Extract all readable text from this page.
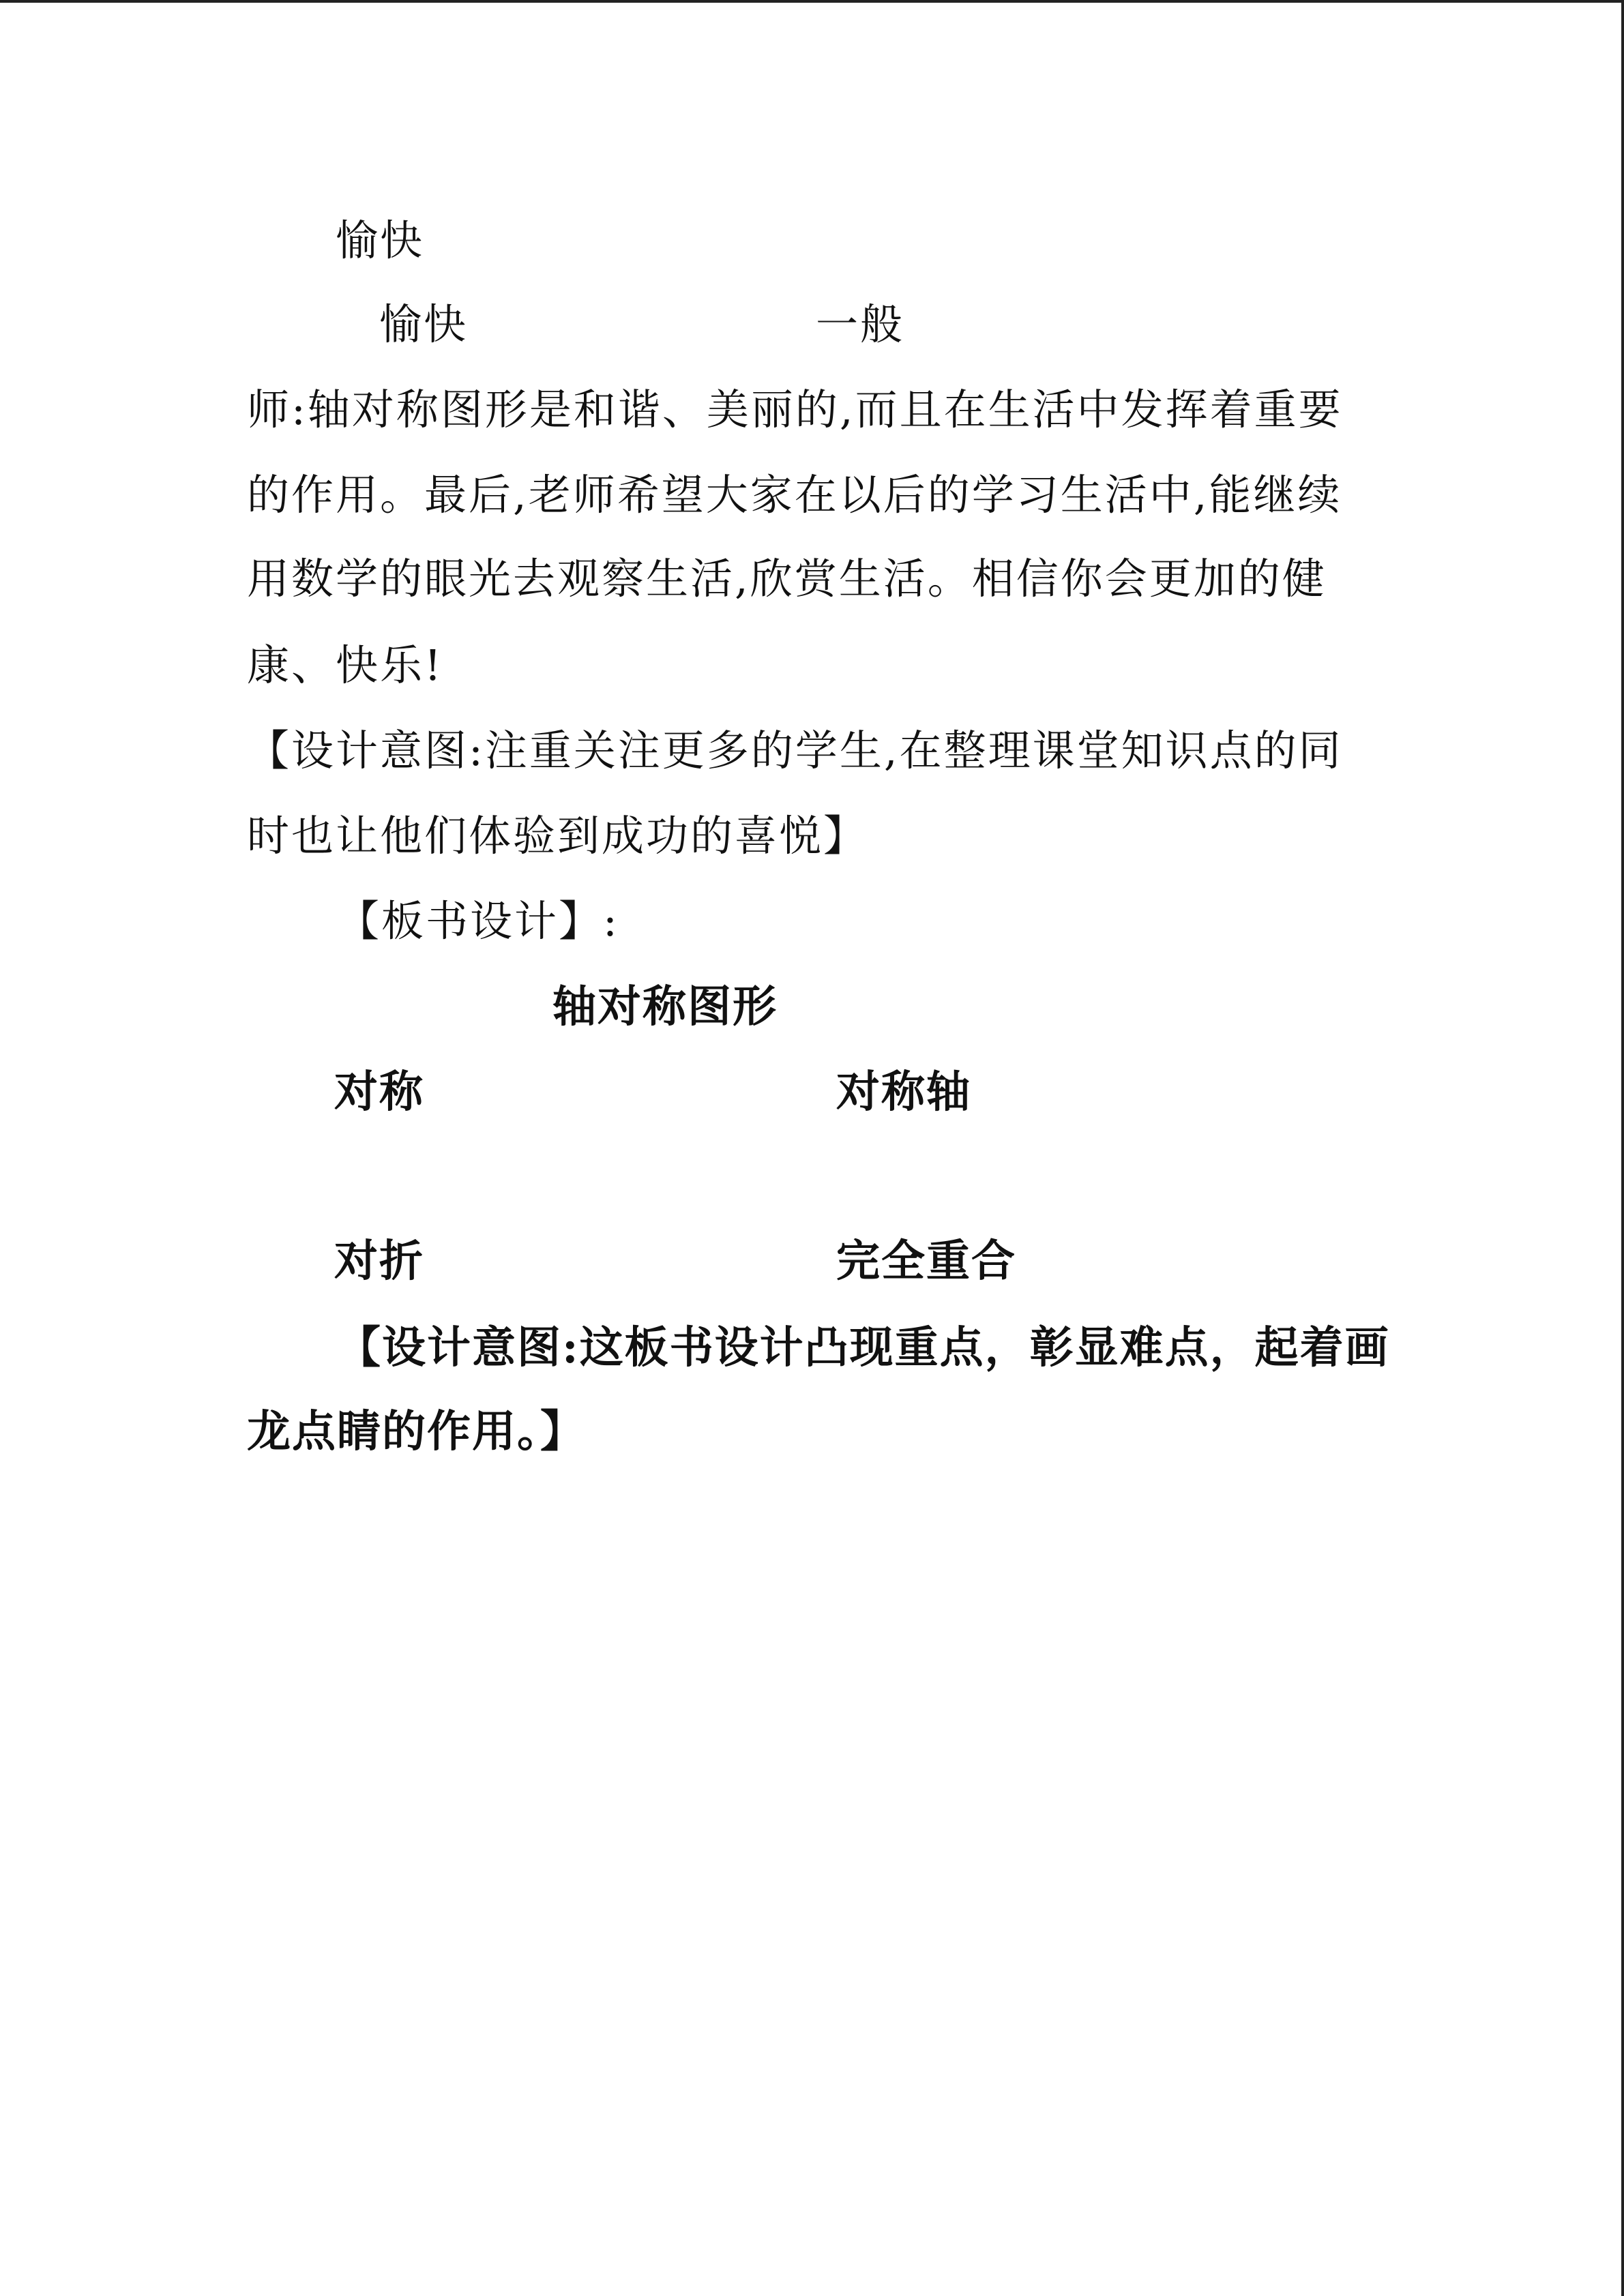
愉快
愉快	一般
师:轴对称图形是和谐、美丽的,而且在生活中发挥着重要
的作用。最后,老师希望大家在以后的学习生活中,能继续
用数学的眼光去观察生活,欣赏生活。相信你会更加的健
康、快乐!
【设计意图:注重关注更多的学生,在整理课堂知识点的同
时也让他们体验到成功的喜悦】
【板书设计】:
轴对称图形
对称	对称轴
对折	完全重合
【设计意图:这板书设计凸现重点，彰显难点，起着画
龙点睛的作用。】
